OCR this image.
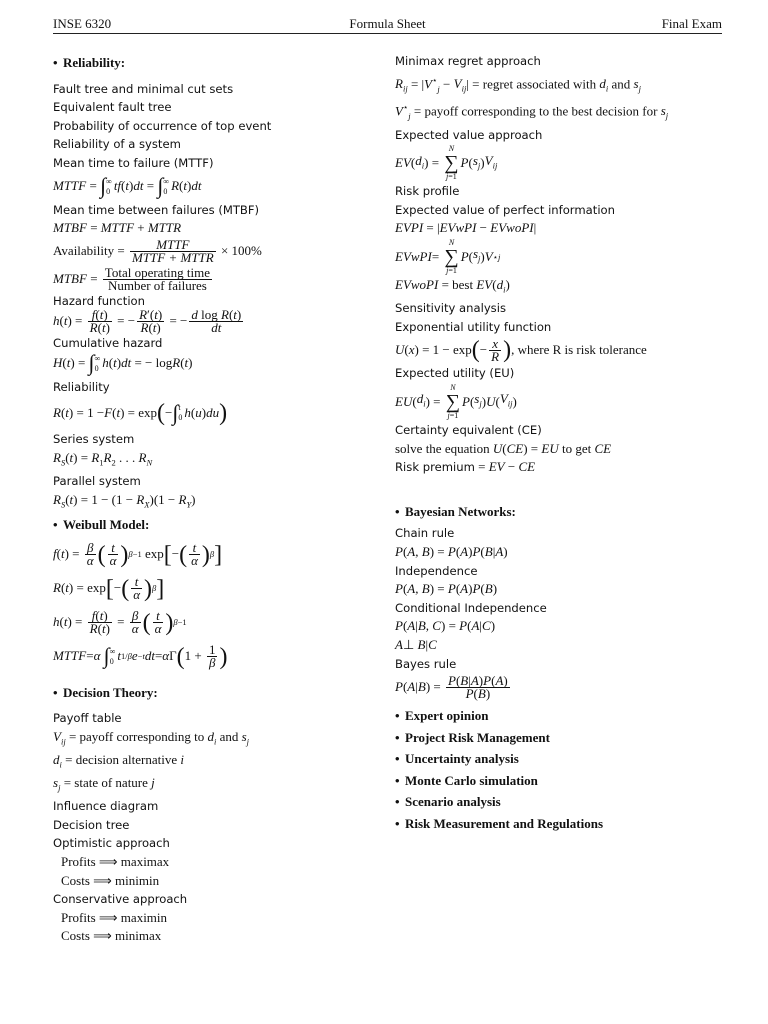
INSE 6320	Formula Sheet	Final Exam
• Reliability:
Fault tree and minimal cut sets
Equivalent fault tree
Probability of occurrence of top event
Reliability of a system
Mean time to failure (MTTF)
MTTF = ∫ ∞
0 tf ( t ) dt = ∫ ∞
0 R ( t ) dt
Mean time between failures (MTBF)
MTBF = MTTF + MTTR
Availability = $\frac{\text{MTTF}}{\text{MTTF + MTTR}} \times 100\%$
MTBF = $\frac{\text{Total operating time}}{\text{Number of failures}}$
Hazard function
h ( t ) = $\frac{f(t)}{R(t)}$ = − $\frac{R'(t)}{R(t)}$ = − $\frac{\text{d log R(t)}}{dt}$
Cumulative hazard
H ( t ) = ∫ ∞
0 h ( t ) dt = − log R ( t )
Reliability
R ( t ) = 1 − F ( t ) = exp ( − ∫ t
0 h ( u ) du )
Series system
$R_S(t) = R_1R_2$ . . . $R_N$
Parallel system
$R_S(t) = 1 - (1 - R_X)(1 - R_Y)$
• Weibull Model:
f ( t ) = $\frac{\beta}{\alpha}$ ( $\frac{t}{\alpha}$ ) β−1 exp [ − ( $\frac{t}{\alpha}$ ) β ]
R ( t ) = exp [ − ( $\frac{t}{\alpha}$ ) β ]
h ( t ) = $\frac{f(t)}{R(t)} = \frac{\beta}{\alpha}$ ( $\frac{t}{\alpha}$ ) β−1
MTTF = α
∫ ∞
0 t 1/β e −t dt = α Γ ( $1 + \frac{1}{\beta}$ )
• Decision Theory:
Payoff table
$V_{ij}$ = payoff corresponding to $d_i$ and $s_j$
$d_i$ = decision alternative i
$s_j$ = state of nature j
Influence diagram
Decision tree
Optimistic approach
Profits ⟹ maximax
Costs ⟹ minimin
Conservative approach
Profits ⟹ maximin
Costs ⟹ minimax
Minimax regret approach
$R_{ij} = |V^⋆_j - V_{ij}|$ = regret associated with $d_i$ and $s_j$
$V^⋆_j$ = payoff corresponding to the best decision for $s_j$
Expected value approach
EV ( $d_i$ ) =
N
∑
j=1
P ( $s_j$ ) $V_{ij}$
Risk profile
Expected value of perfect information
EVPI = |EVwPI − EVwoPI|
EVwPI =
N
∑
j=1
P ( $s_j$ ) V ⋆ j
EVwoPI = best $EV(d_i)$
Sensitivity analysis
Exponential utility function
U ( x ) = 1 − exp ( − $\frac{x}{R}$ ) , where R is risk tolerance
Expected utility (EU)
EU ( $d_i$ ) =
N
∑
j=1
P ( $s_j$ ) U ( $V_{ij}$ )
Certainty equivalent (CE)
solve the equation U(CE) = EU to get CE
Risk premium = EV − CE
• Bayesian Networks:
Chain rule
P(A, B) = P(A)P(B|A)
Independence
P(A, B) = P(A)P(B)
Conditional Independence
P(A|B, C) = P(A|C)
A⊥ B|C
Bayes rule
P ( A | B ) = $\frac{P(B|A)P(A)}{P(B)}$
• Expert opinion
• Project Risk Management
• Uncertainty analysis
• Monte Carlo simulation
• Scenario analysis
• Risk Measurement and Regulations
